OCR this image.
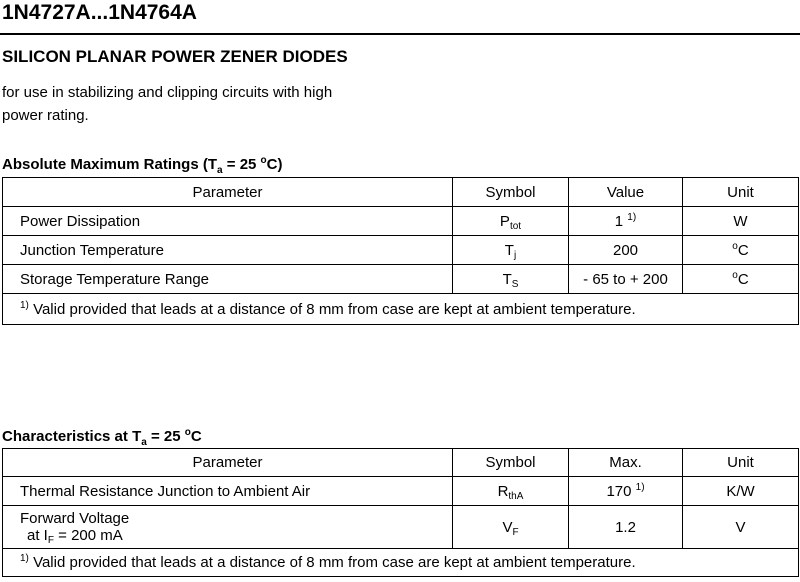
1N4727A...1N4764A
SILICON PLANAR POWER ZENER DIODES
for use in stabilizing and clipping circuits with high
power rating.
Absolute Maximum Ratings ($T_a = 25$ $^o$C)
Parameter	Symbol	Value	Unit
Power Dissipation	$P_{tot}$	1 $^{1)}$	W
Junction Temperature	$T_j$	200	$^o$C
Storage Temperature Range	$T_S$	- 65 to + 200	$^o$C
$^{1)}$ Valid provided that leads at a distance of 8 mm from case are kept at ambient temperature.			
Characteristics at $T_a = 25$ $^o$C
Parameter	Symbol	Max.	Unit
Thermal Resistance Junction to Ambient Air	$R_{thA}$	170 $^{1)}$	K/W

Forward Voltage
at $I_F = 200$ mA	$V_F$	1.2	V
$^{1)}$ Valid provided that leads at a distance of 8 mm from case are kept at ambient temperature.			
